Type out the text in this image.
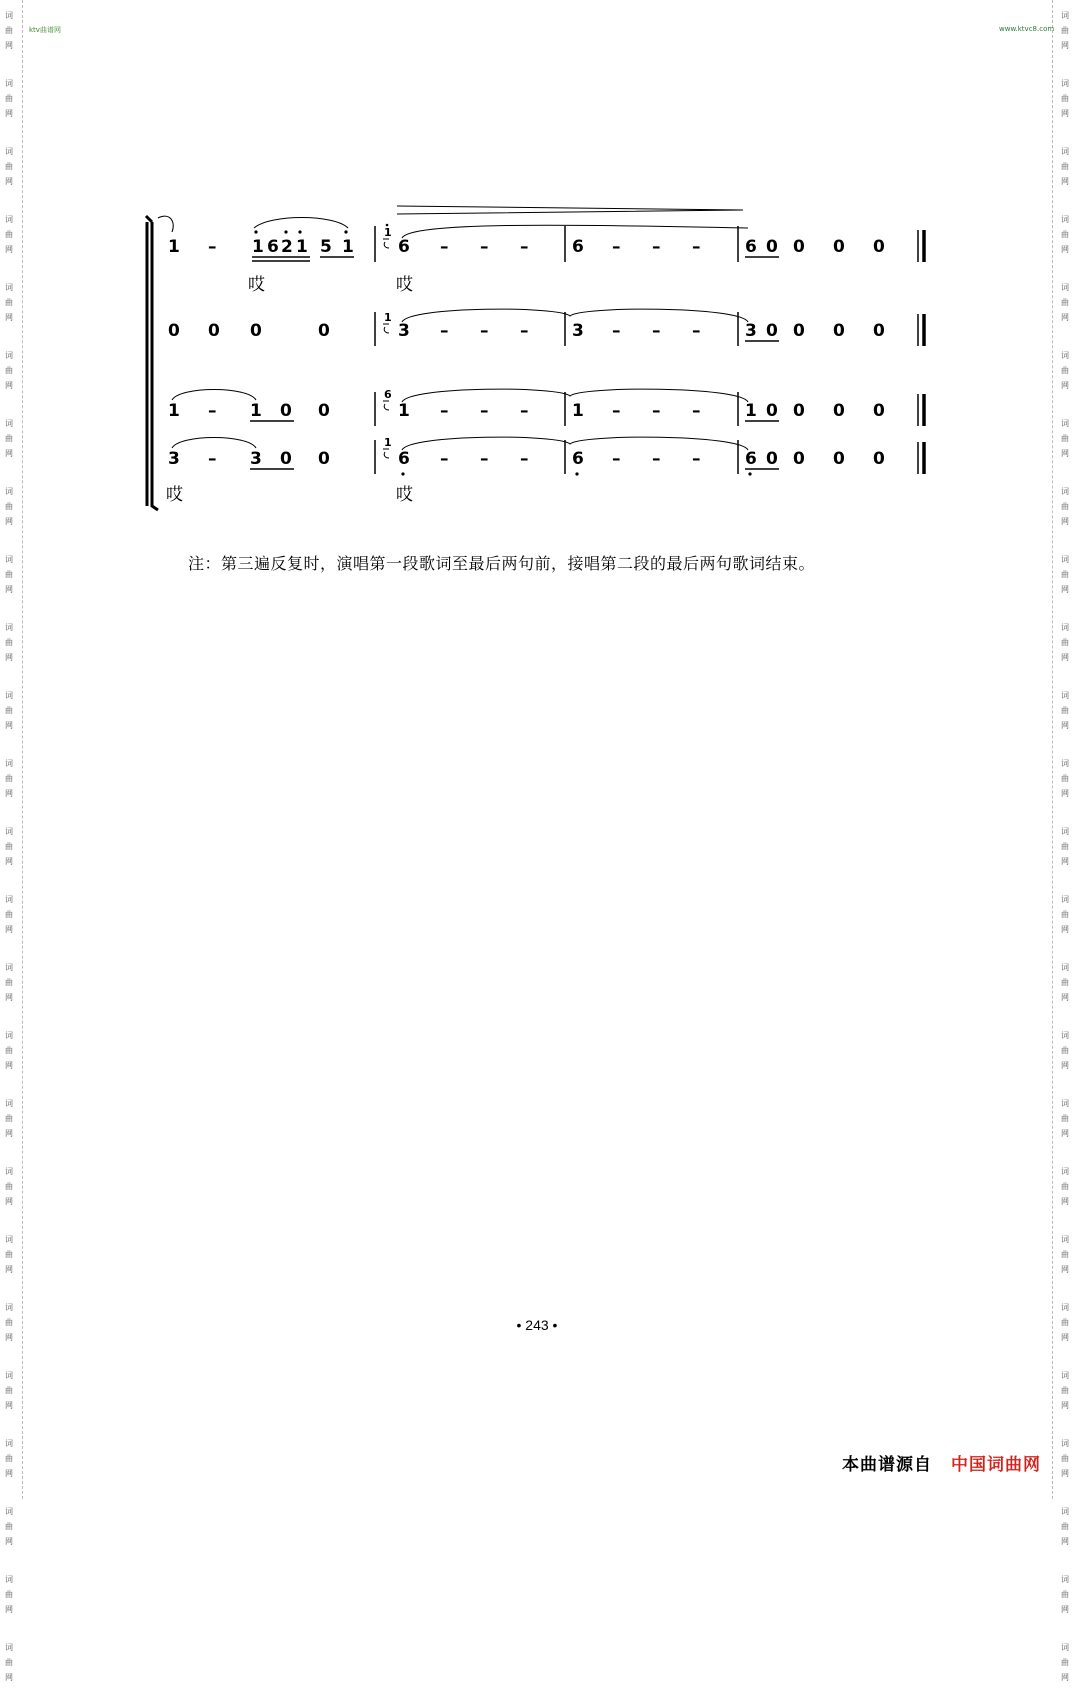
词
曲
网
词
曲
网
词
曲
网
词
曲
网
词
曲
网
词
曲
网
词
曲
网
词
曲
网
词
曲
网
词
曲
网
词
曲
网
词
曲
网
词
曲
网
词
曲
网
词
曲
网
词
曲
网
词
曲
网
词
曲
网
词
曲
网
词
曲
网
词
曲
网
词
曲
网
词
曲
网
词
曲
网
词
曲
网
词
曲
网
词
曲
网
词
曲
网
词
曲
网
词
曲
网
词
曲
网
词
曲
网
词
曲
网
词
曲
网
词
曲
网
词
曲
网
词
曲
网
词
曲
网
词
曲
网
词
曲
网
词
曲
网
词
曲
网
词
曲
网
词
曲
网
词
曲
网
词
曲
网
词
曲
网
词
曲
网
词
曲
网
词
曲
网
ktv曲谱网	www.ktvc8.com
1 – 1 6 2 1 5 1
1
6 – – –	6 – – –	6 0 0 0 0
哎	哎
0 0 0	0
1
3 – – –	3 – – –	3 0 0 0 0
1 – 1 0 0
6
1 – – –	1 – – –	1 0 0 0 0
3 – 3 0 0
1
6 – – –	6 – – –	6 0 0 0 0
哎	哎
注：第三遍反复时，演唱第一段歌词至最后两句前，接唱第二段的最后两句歌词结束。
• 243 •
本曲谱源自 中国词曲网
